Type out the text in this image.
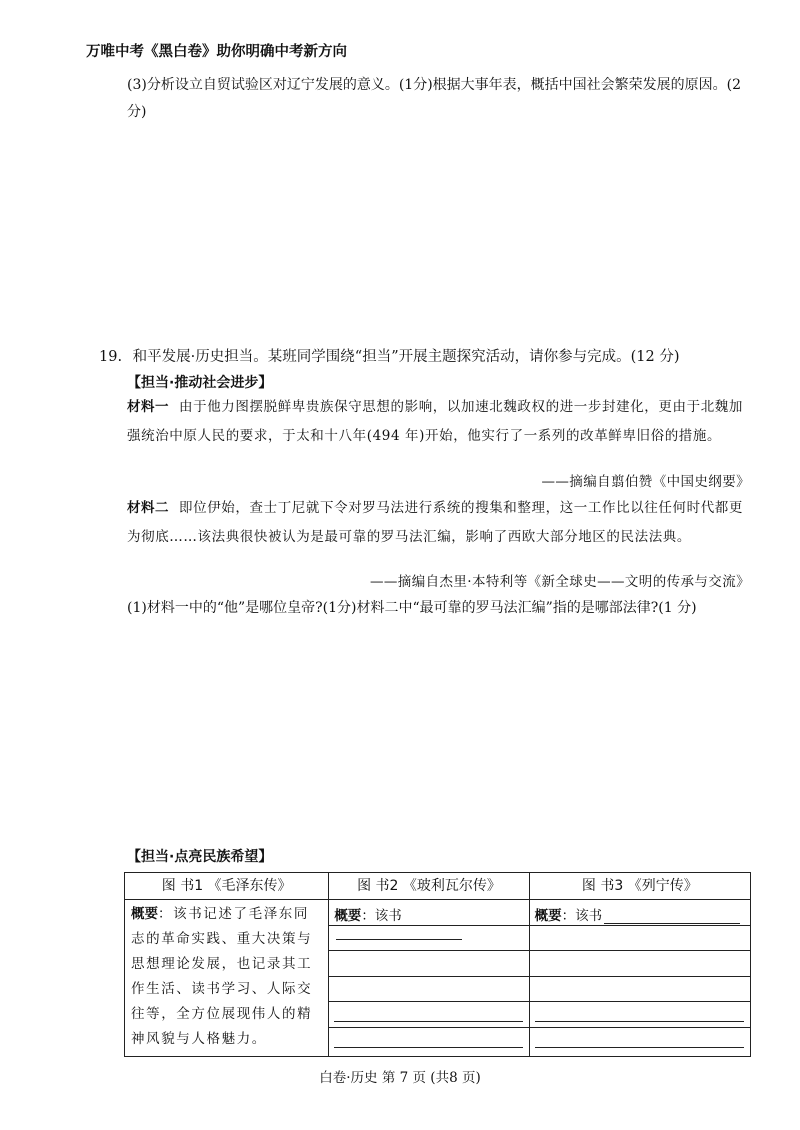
万唯中考《黑白卷》助你明确中考新方向
(3)分析设立自贸试验区对辽宁发展的意义。(1分)根据大事年表，概括中国社会繁荣发展的原因。(2分)
19. 和平发展·历史担当。某班同学围绕“担当”开展主题探究活动，请你参与完成。(12 分)
【担当·推动社会进步】
材料一 由于他力图摆脱鲜卑贵族保守思想的影响，以加速北魏政权的进一步封建化，更由于北魏加强统治中原人民的要求，于太和十八年(494 年)开始，他实行了一系列的改革鲜卑旧俗的措施。
——摘编自翦伯赞《中国史纲要》
材料二 即位伊始，查士丁尼就下令对罗马法进行系统的搜集和整理，这一工作比以往任何时代都更为彻底……该法典很快被认为是最可靠的罗马法汇编，影响了西欧大部分地区的民法法典。
——摘编自杰里·本特利等《新全球史——文明的传承与交流》
(1)材料一中的“他”是哪位皇帝?(1分)材料二中“最可靠的罗马法汇编”指的是哪部法律?(1 分)
【担当·点亮民族希望】
图 书1 《毛泽东传》	图 书2 《玻利瓦尔传》	图 书3 《列宁传》
概要：该书记述了毛泽东同志的革命实践、重大决策与思想理论发展，也记录其工作生活、读书学习、人际交往等，全方位展现伟人的精神风貌与人格魅力。	概要：该书	概要：该书
白卷·历史 第 7 页 (共8 页)
